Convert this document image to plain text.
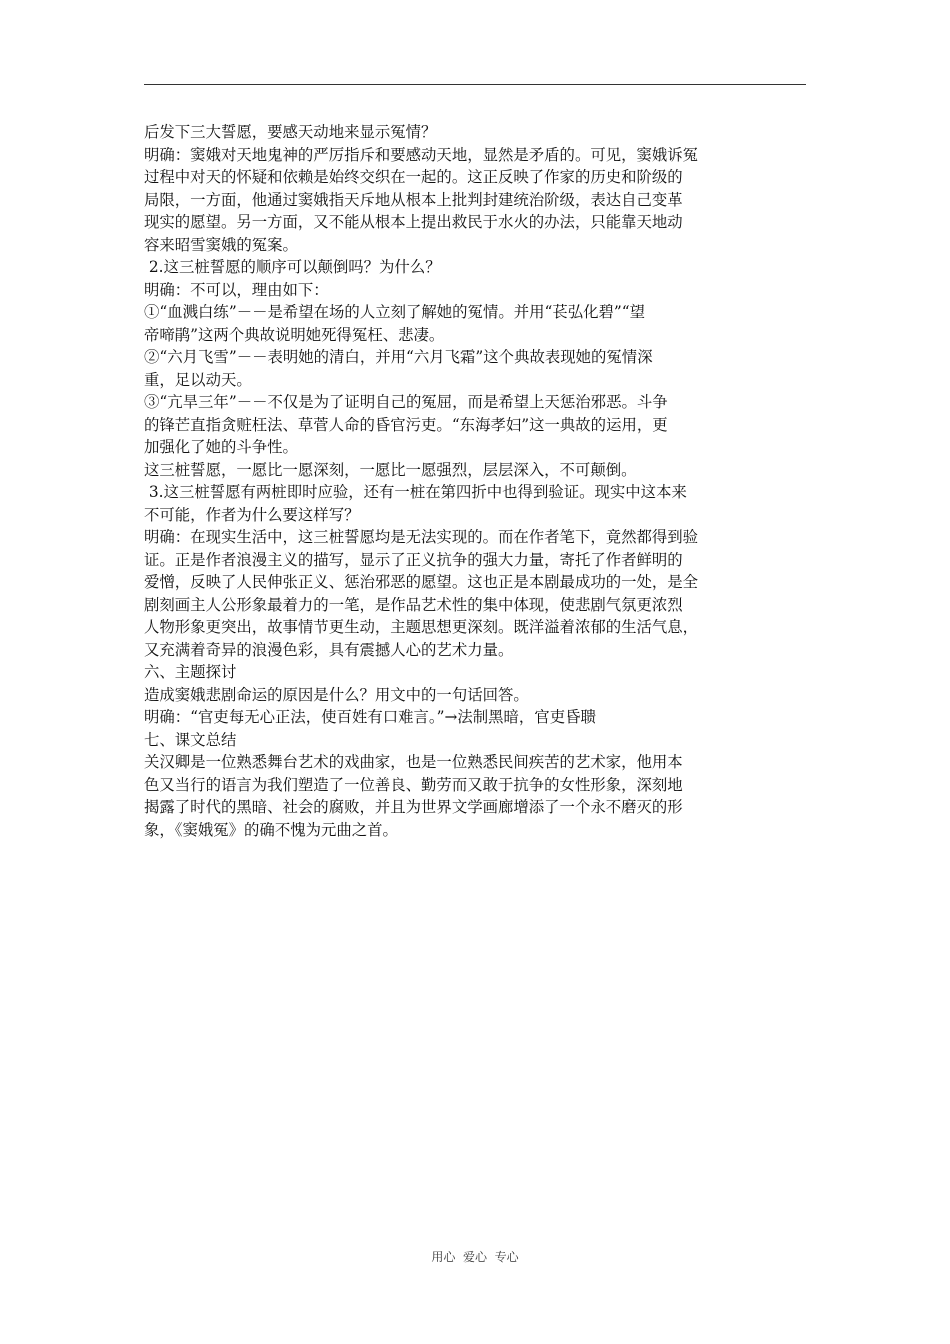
后发下三大誓愿，要感天动地来显示冤情？
明确：窦娥对天地鬼神的严厉指斥和要感动天地，显然是矛盾的。可见，窦娥诉冤
过程中对天的怀疑和依赖是始终交织在一起的。这正反映了作家的历史和阶级的
局限，一方面，他通过窦娥指天斥地从根本上批判封建统治阶级，表达自己变革
现实的愿望。另一方面，又不能从根本上提出救民于水火的办法，只能靠天地动
容来昭雪窦娥的冤案。
2.这三桩誓愿的顺序可以颠倒吗？为什么？
明确：不可以，理由如下：
①“血溅白练”－－是希望在场的人立刻了解她的冤情。并用“苌弘化碧”“望
帝啼鹃”这两个典故说明她死得冤枉、悲凄。
②“六月飞雪”－－表明她的清白，并用“六月飞霜”这个典故表现她的冤情深
重，足以动天。
③“亢旱三年”－－不仅是为了证明自己的冤屈，而是希望上天惩治邪恶。斗争
的锋芒直指贪赃枉法、草菅人命的昏官污吏。“东海孝妇”这一典故的运用，更
加强化了她的斗争性。
这三桩誓愿，一愿比一愿深刻，一愿比一愿强烈，层层深入，不可颠倒。
3.这三桩誓愿有两桩即时应验，还有一桩在第四折中也得到验证。现实中这本来
不可能，作者为什么要这样写？
明确：在现实生活中，这三桩誓愿均是无法实现的。而在作者笔下，竟然都得到验
证。正是作者浪漫主义的描写，显示了正义抗争的强大力量，寄托了作者鲜明的
爱憎，反映了人民伸张正义、惩治邪恶的愿望。这也正是本剧最成功的一处，是全
剧刻画主人公形象最着力的一笔，是作品艺术性的集中体现，使悲剧气氛更浓烈
人物形象更突出，故事情节更生动，主题思想更深刻。既洋溢着浓郁的生活气息，
又充满着奇异的浪漫色彩，具有震撼人心的艺术力量。
六、主题探讨
造成窦娥悲剧命运的原因是什么？用文中的一句话回答。
明确：“官吏每无心正法，使百姓有口难言。”→法制黑暗，官吏昏聩
七、课文总结
关汉卿是一位熟悉舞台艺术的戏曲家，也是一位熟悉民间疾苦的艺术家，他用本
色又当行的语言为我们塑造了一位善良、勤劳而又敢于抗争的女性形象，深刻地
揭露了时代的黑暗、社会的腐败，并且为世界文学画廊增添了一个永不磨灭的形
象，《窦娥冤》的确不愧为元曲之首。
用心  爱心  专心
